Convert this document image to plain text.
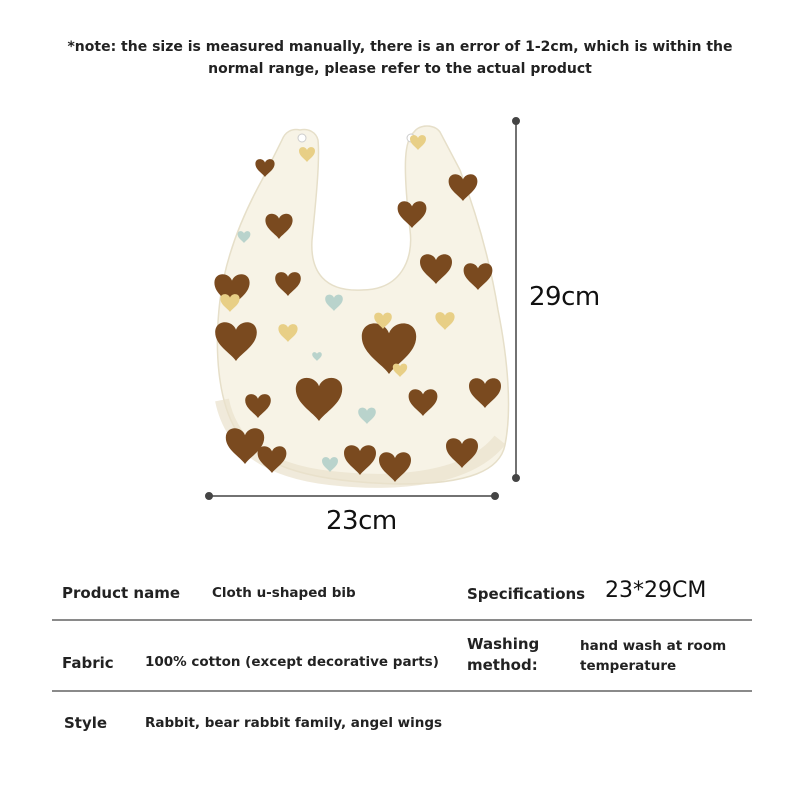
*note: the size is measured manually, there is an error of 1-2cm, which is within the
normal range, please refer to the actual product
29cm
23cm
Product name Cloth u-shaped bib	Specifications 23*29CM
Fabric 100% cotton (except decorative parts)
Washing
method:
hand wash at room
temperature
Style	Rabbit, bear rabbit family, angel wings
